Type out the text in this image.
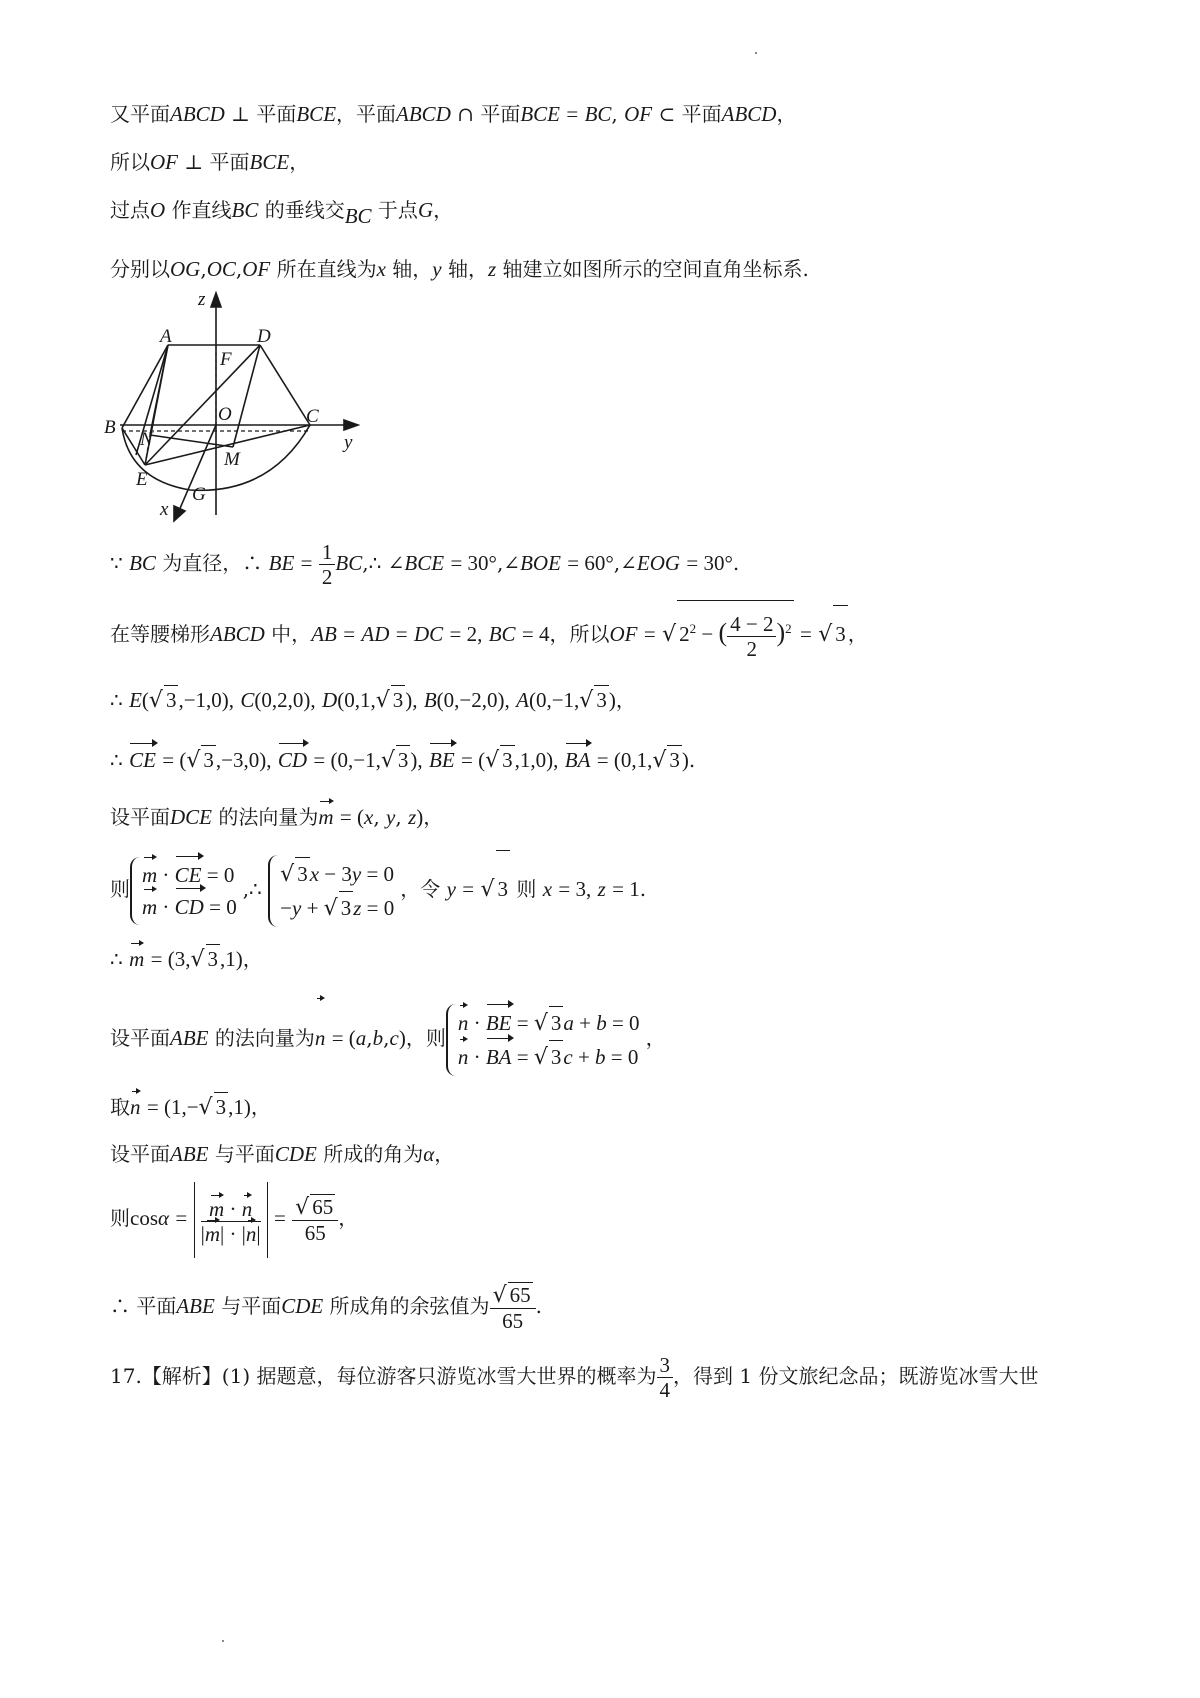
又平面ABCD ⊥ 平面BCE，平面ABCD ∩ 平面BCE = BC, OF ⊂ 平面ABCD，
所以OF ⊥ 平面BCE，
过点O 作直线BC 的垂线交BC 于点G，
分别以OG,OC,OF 所在直线为x 轴，y 轴，z 轴建立如图所示的空间直角坐标系.
A	D
F
O
B
N
C
y
E
M
G
x
z
∵ BC 为直径，∴ BE = $\frac{1}{2}$ BC,∴ ∠BCE = 30°,∠BOE = 60°,∠EOG = 30°.
在等腰梯形ABCD 中，AB = AD = DC = 2, BC = 4，所以OF = √ $2^2$ − ( $\frac{4 - 2}{2} )^2$ = √ 3 ，
∴ E(√ 3,−1,0), C(0,2,0), D(0,1,√ 3), B(0,−2,0), A(0,−1,√ 3)，
∴ CE = (√ 3,−3,0), CD = (0,−1,√ 3), BE = (√ 3,1,0), BA = (0,1,√ 3).
设平面DCE 的法向量为m = (x, y, z)，
则
m · CE = 0
m · CD = 0
,∴
√ 3x − 3y = 0
−y + √ 3z = 0
，令 y = √ 3 则 x = 3, z = 1.
∴ m = (3,√ 3,1)，
设平面ABE 的法向量为n = (a,b,c)，则
n · BE = √ 3a + b = 0
n · BA = √ 3c + b = 0
，
取n = (1,−√ 3,1)，
设平面ABE 与平面CDE 所成的角为α，
则$\cos\alpha = \frac{m \cdot n}{|m| \cdot |n|} = \frac{√ 65}{65}$ ，
∴ 平面ABE 与平面CDE 所成角的余弦值为 $\frac{√ 65}{65}$ .
17.【解析】(1) 据题意，每位游客只游览冰雪大世界的概率为 $\frac{3}{4}$ ，得到 1 份文旅纪念品；既游览冰雪大世
